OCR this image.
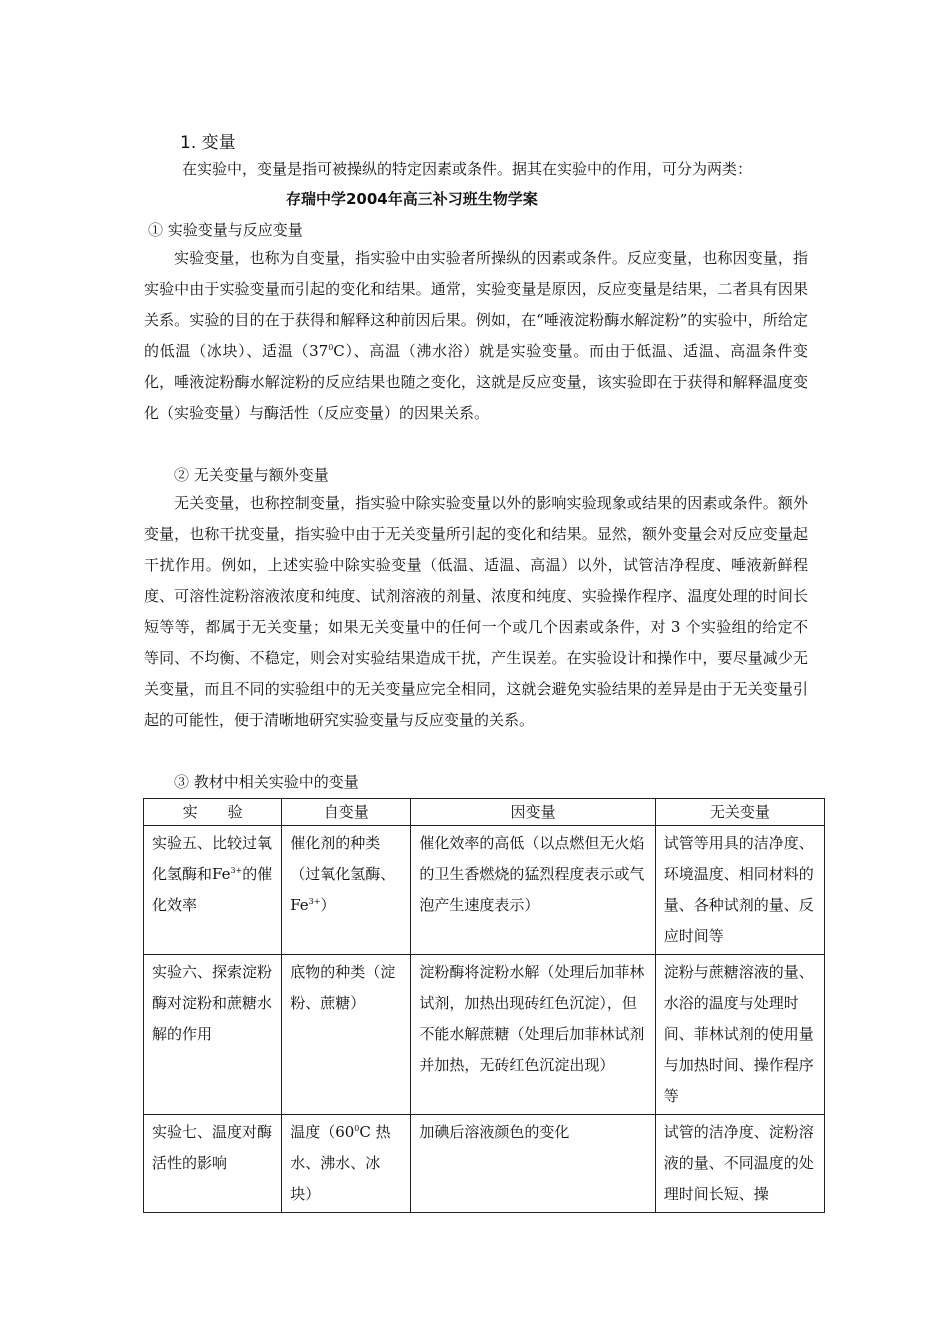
1. 变量
在实验中，变量是指可被操纵的特定因素或条件。据其在实验中的作用，可分为两类：
存瑞中学2004年高三补习班生物学案
① 实验变量与反应变量
实验变量，也称为自变量，指实验中由实验者所操纵的因素或条件。反应变量，也称因变量，指实验中由于实验变量而引起的变化和结果。通常，实验变量是原因，反应变量是结果，二者具有因果关系。实验的目的在于获得和解释这种前因后果。例如，在“唾液淀粉酶水解淀粉”的实验中，所给定的低温（冰块）、适温$(37^0C)$、高温（沸水浴）就是实验变量。而由于低温、适温、高温条件变化，唾液淀粉酶水解淀粉的反应结果也随之变化，这就是反应变量，该实验即在于获得和解释温度变化（实验变量）与酶活性（反应变量）的因果关系。
② 无关变量与额外变量
无关变量，也称控制变量，指实验中除实验变量以外的影响实验现象或结果的因素或条件。额外变量，也称干扰变量，指实验中由于无关变量所引起的变化和结果。显然，额外变量会对反应变量起干扰作用。例如，上述实验中除实验变量（低温、适温、高温）以外，试管洁净程度、唾液新鲜程度、可溶性淀粉溶液浓度和纯度、试剂溶液的剂量、浓度和纯度、实验操作程序、温度处理的时间长短等等，都属于无关变量；如果无关变量中的任何一个或几个因素或条件，对 3 个实验组的给定不等同、不均衡、不稳定，则会对实验结果造成干扰，产生误差。在实验设计和操作中，要尽量减少无关变量，而且不同的实验组中的无关变量应完全相同，这就会避免实验结果的差异是由于无关变量引起的可能性，便于清晰地研究实验变量与反应变量的关系。
③ 教材中相关实验中的变量
实　　验	自变量	因变量	无关变量
实验五、比较过氧化氢酶和$Fe^{3+}$的催化效率	催化剂的种类（过氧化氢酶、$Fe^{3+}$）	催化效率的高低（以点燃但无火焰的卫生香燃烧的猛烈程度表示或气泡产生速度表示）	试管等用具的洁净度、环境温度、相同材料的量、各种试剂的量、反应时间等
实验六、探索淀粉酶对淀粉和蔗糖水解的作用	底物的种类（淀粉、蔗糖）	淀粉酶将淀粉水解（处理后加菲林试剂，加热出现砖红色沉淀），但不能水解蔗糖（处理后加菲林试剂并加热，无砖红色沉淀出现）	淀粉与蔗糖溶液的量、水浴的温度与处理时间、菲林试剂的使用量与加热时间、操作程序等
实验七、温度对酶活性的影响	温度（$60^0C$ 热水、沸水、冰块）	加碘后溶液颜色的变化	试管的洁净度、淀粉溶液的量、不同温度的处理时间长短、操
